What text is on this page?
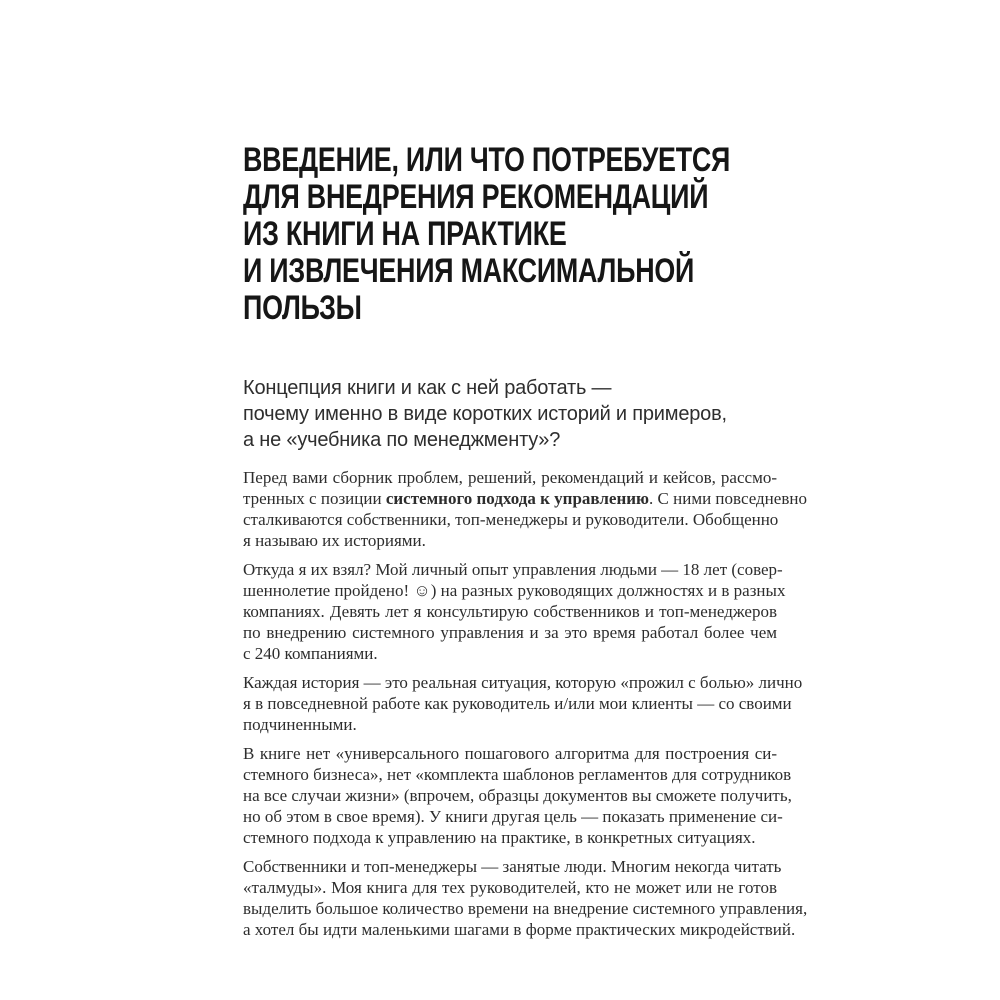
ВВЕДЕНИЕ, ИЛИ ЧТО ПОТРЕБУЕТСЯ
ДЛЯ ВНЕДРЕНИЯ РЕКОМЕНДАЦИЙ
ИЗ КНИГИ НА ПРАКТИКЕ
И ИЗВЛЕЧЕНИЯ МАКСИМАЛЬНОЙ
ПОЛЬЗЫ
Концепция книги и как с ней работать —
почему именно в виде коротких историй и примеров,
а не «учебника по менеджменту»?
Перед вами сборник проблем, решений, рекомендаций и кейсов, рассмо-
тренных с позиции системного подхода к управлению. С ними повседневно
сталкиваются собственники, топ-менеджеры и руководители. Обобщенно
я называю их историями.
Откуда я их взял? Мой личный опыт управления людьми — 18 лет (совер-
шеннолетие пройдено! ☺) на разных руководящих должностях и в разных
компаниях. Девять лет я консультирую собственников и топ-менеджеров
по внедрению системного управления и за это время работал более чем
с 240 компаниями.
Каждая история — это реальная ситуация, которую «прожил с болью» лично
я в повседневной работе как руководитель и/или мои клиенты — со своими
подчиненными.
В книге нет «универсального пошагового алгоритма для построения си-
стемного бизнеса», нет «комплекта шаблонов регламентов для сотрудников
на все случаи жизни» (впрочем, образцы документов вы сможете получить,
но об этом в свое время). У книги другая цель — показать применение си-
стемного подхода к управлению на практике, в конкретных ситуациях.
Собственники и топ-менеджеры — занятые люди. Многим некогда читать
«талмуды». Моя книга для тех руководителей, кто не может или не готов
выделить большое количество времени на внедрение системного управления,
а хотел бы идти маленькими шагами в форме практических микродействий.
